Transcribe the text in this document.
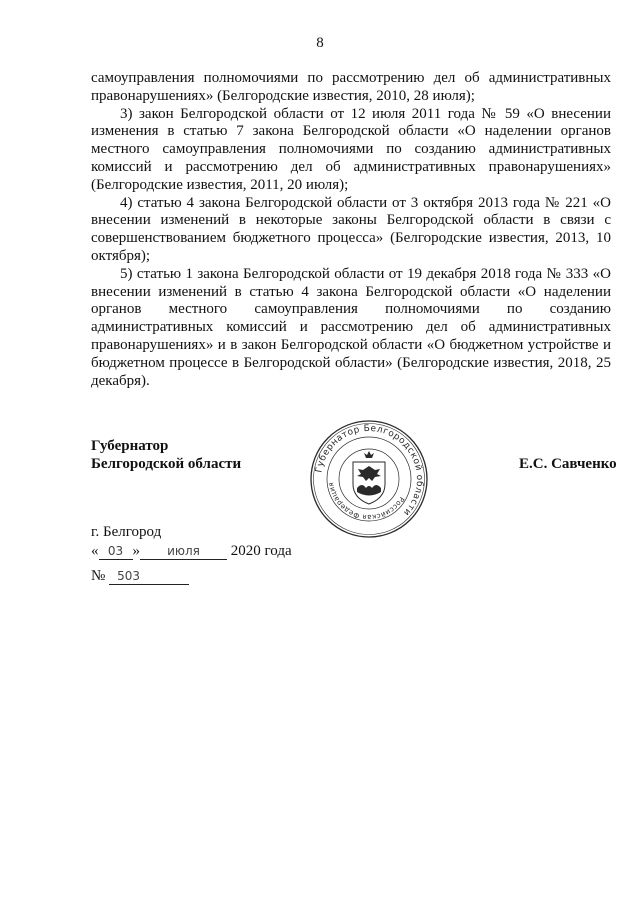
8

самоуправления полномочиями по рассмотрению дел об административных правонарушениях» (Белгородские известия, 2010, 28 июля);

3) закон Белгородской области от 12 июля 2011 года № 59 «О внесении изменения в статью 7 закона Белгородской области «О наделении органов местного самоуправления полномочиями по созданию административных комиссий и рассмотрению дел об административных правонарушениях» (Белгородские известия, 2011, 20 июля);

4) статью 4 закона Белгородской области от 3 октября 2013 года № 221 «О внесении изменений в некоторые законы Белгородской области в связи с совершенствованием бюджетного процесса» (Белгородские известия, 2013, 10 октября);

5) статью 1 закона Белгородской области от 19 декабря 2018 года № 333 «О внесении изменений в статью 4 закона Белгородской области «О наделении органов местного самоуправления полномочиями по созданию административных комиссий и рассмотрению дел об административных правонарушениях» и в закон Белгородской области «О бюджетном устройстве и бюджетном процессе в Белгородской области» (Белгородские известия, 2018, 25 декабря).

Губернатор
Белгородской области	Губернатор Белгородской области
Российская Федерация
Е.С. Савченко
г. Белгород
« 03 » июля 2020 года
№ 503
